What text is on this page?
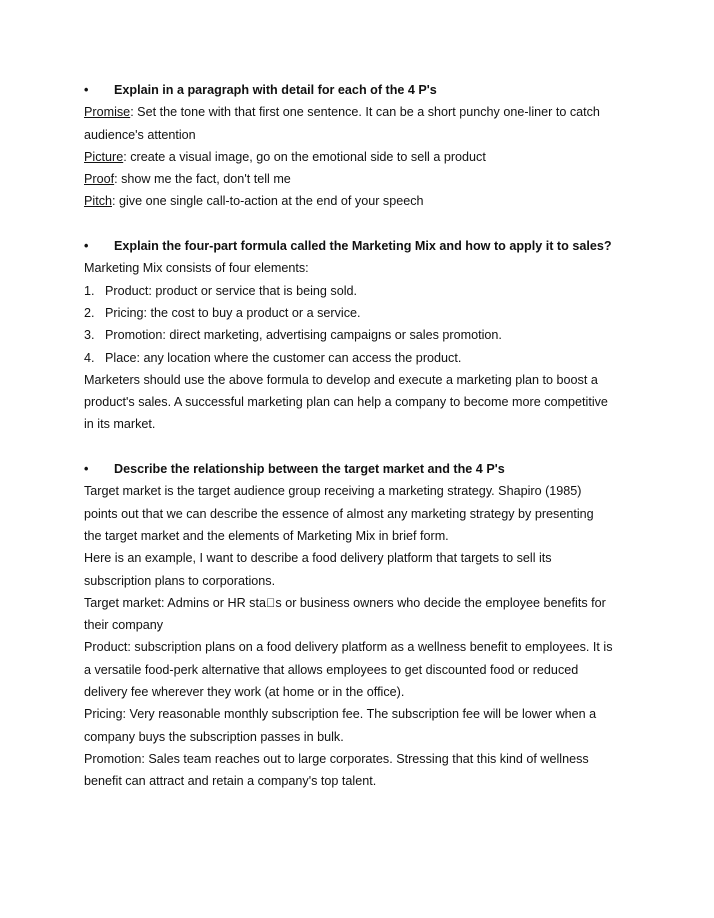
•	Explain in a paragraph with detail for each of the 4 P's
Promise: Set the tone with that first one sentence. It can be a short punchy one-liner to catch
audience's attention
Picture: create a visual image, go on the emotional side to sell a product
Proof: show me the fact, don't tell me
Pitch: give one single call-to-action at the end of your speech
•	Explain the four-part formula called the Marketing Mix and how to apply it to sales?
Marketing Mix consists of four elements:
1. Product: product or service that is being sold.
2. Pricing: the cost to buy a product or a service.
3. Promotion: direct marketing, advertising campaigns or sales promotion.
4. Place: any location where the customer can access the product.
Marketers should use the above formula to develop and execute a marketing plan to boost a
product's sales. A successful marketing plan can help a company to become more competitive
in its market.
•	Describe the relationship between the target market and the 4 P's
Target market is the target audience group receiving a marketing strategy. Shapiro (1985)
points out that we can describe the essence of almost any marketing strategy by presenting
the target market and the elements of Marketing Mix in brief form.
Here is an example, I want to describe a food delivery platform that targets to sell its
subscription plans to corporations.
Target market: Admins or HR sta s or business owners who decide the employee benefits for
their company
Product: subscription plans on a food delivery platform as a wellness benefit to employees. It is
a versatile food-perk alternative that allows employees to get discounted food or reduced
delivery fee wherever they work (at home or in the office).
Pricing: Very reasonable monthly subscription fee. The subscription fee will be lower when a
company buys the subscription passes in bulk.
Promotion: Sales team reaches out to large corporates. Stressing that this kind of wellness
benefit can attract and retain a company's top talent.
